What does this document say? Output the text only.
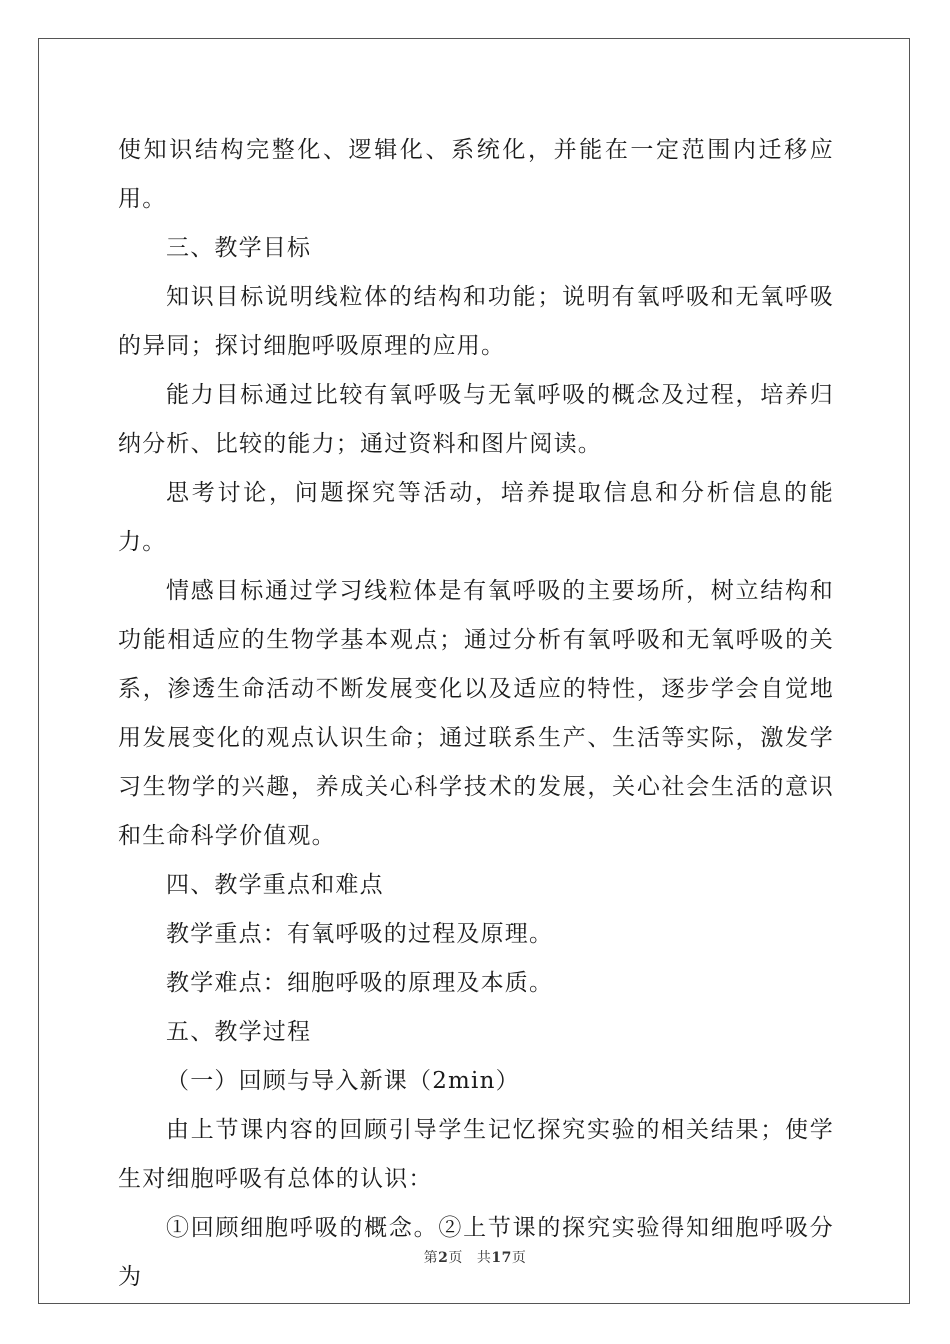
使知识结构完整化、逻辑化、系统化，并能在一定范围内迁移应用。

三、教学目标

知识目标说明线粒体的结构和功能；说明有氧呼吸和无氧呼吸的异同；探讨细胞呼吸原理的应用。

能力目标通过比较有氧呼吸与无氧呼吸的概念及过程，培养归纳分析、比较的能力；通过资料和图片阅读。

思考讨论，问题探究等活动，培养提取信息和分析信息的能力。

情感目标通过学习线粒体是有氧呼吸的主要场所，树立结构和功能相适应的生物学基本观点；通过分析有氧呼吸和无氧呼吸的关系，渗透生命活动不断发展变化以及适应的特性，逐步学会自觉地用发展变化的观点认识生命；通过联系生产、生活等实际，激发学习生物学的兴趣，养成关心科学技术的发展，关心社会生活的意识和生命科学价值观。

四、教学重点和难点

教学重点：有氧呼吸的过程及原理。

教学难点：细胞呼吸的原理及本质。

五、教学过程

（一）回顾与导入新课（2min）

由上节课内容的回顾引导学生记忆探究实验的相关结果；使学生对细胞呼吸有总体的认识：

①回顾细胞呼吸的概念。②上节课的探究实验得知细胞呼吸分为

第2页 共17页
